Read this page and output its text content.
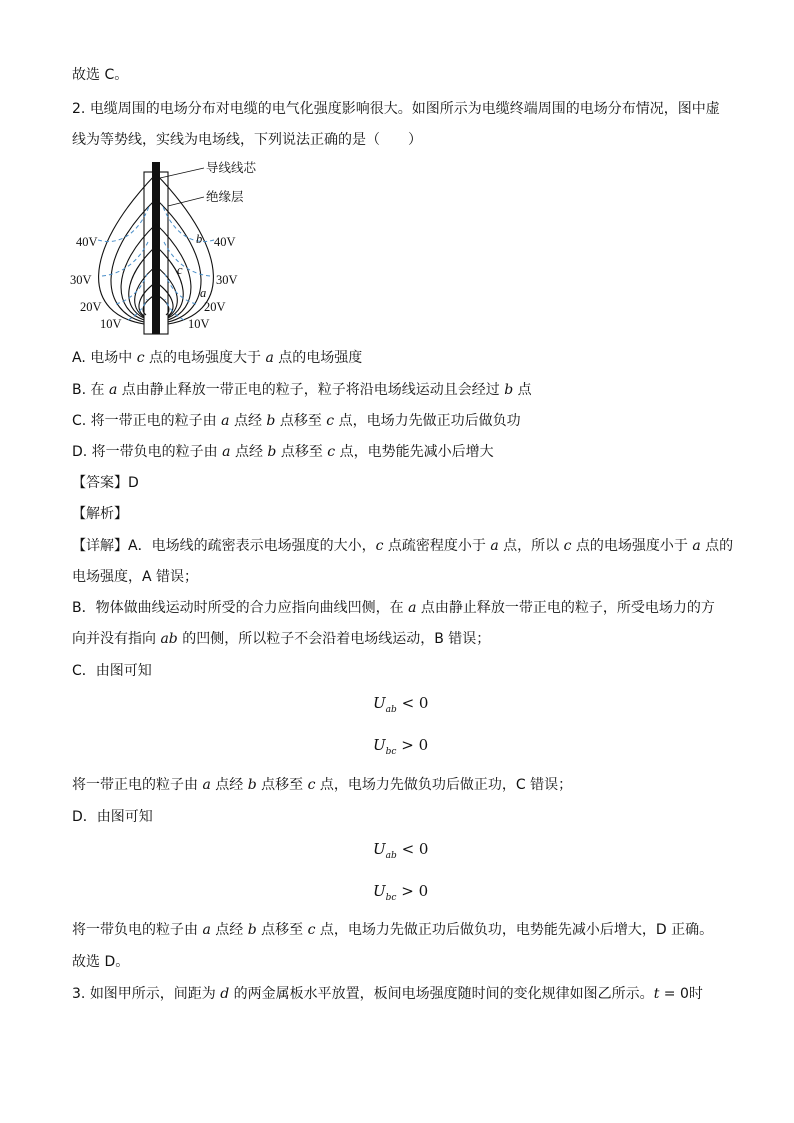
故选 C。
2. 电缆周围的电场分布对电缆的电气化强度影响很大。如图所示为电缆终端周围的电场分布情况，图中虚
线为等势线，实线为电场线，下列说法正确的是（　　）
导线线芯
绝缘层
40V	40V
30V	30V
20V	20V
10V	10V
a
b
c
A. 电场中 c 点的电场强度大于 a 点的电场强度
B. 在 a 点由静止释放一带正电的粒子，粒子将沿电场线运动且会经过 b 点
C. 将一带正电的粒子由 a 点经 b 点移至 c 点，电场力先做正功后做负功
D. 将一带负电的粒子由 a 点经 b 点移至 c 点，电势能先减小后增大
【答案】D
【解析】
【详解】A．电场线的疏密表示电场强度的大小，c 点疏密程度小于 a 点，所以 c 点的电场强度小于 a 点的
电场强度，A 错误；
B．物体做曲线运动时所受的合力应指向曲线凹侧，在 a 点由静止释放一带正电的粒子，所受电场力的方
向并没有指向 ab 的凹侧，所以粒子不会沿着电场线运动，B 错误；
C．由图可知
$U_{ab} < 0$
$U_{bc} > 0$
将一带正电的粒子由 a 点经 b 点移至 c 点，电场力先做负功后做正功，C 错误；
D．由图可知
$U_{ab} < 0$
$U_{bc} > 0$
将一带负电的粒子由 a 点经 b 点移至 c 点，电场力先做正功后做负功，电势能先减小后增大，D 正确。
故选 D。
3. 如图甲所示，间距为 d 的两金属板水平放置，板间电场强度随时间的变化规律如图乙所示。t = 0时
